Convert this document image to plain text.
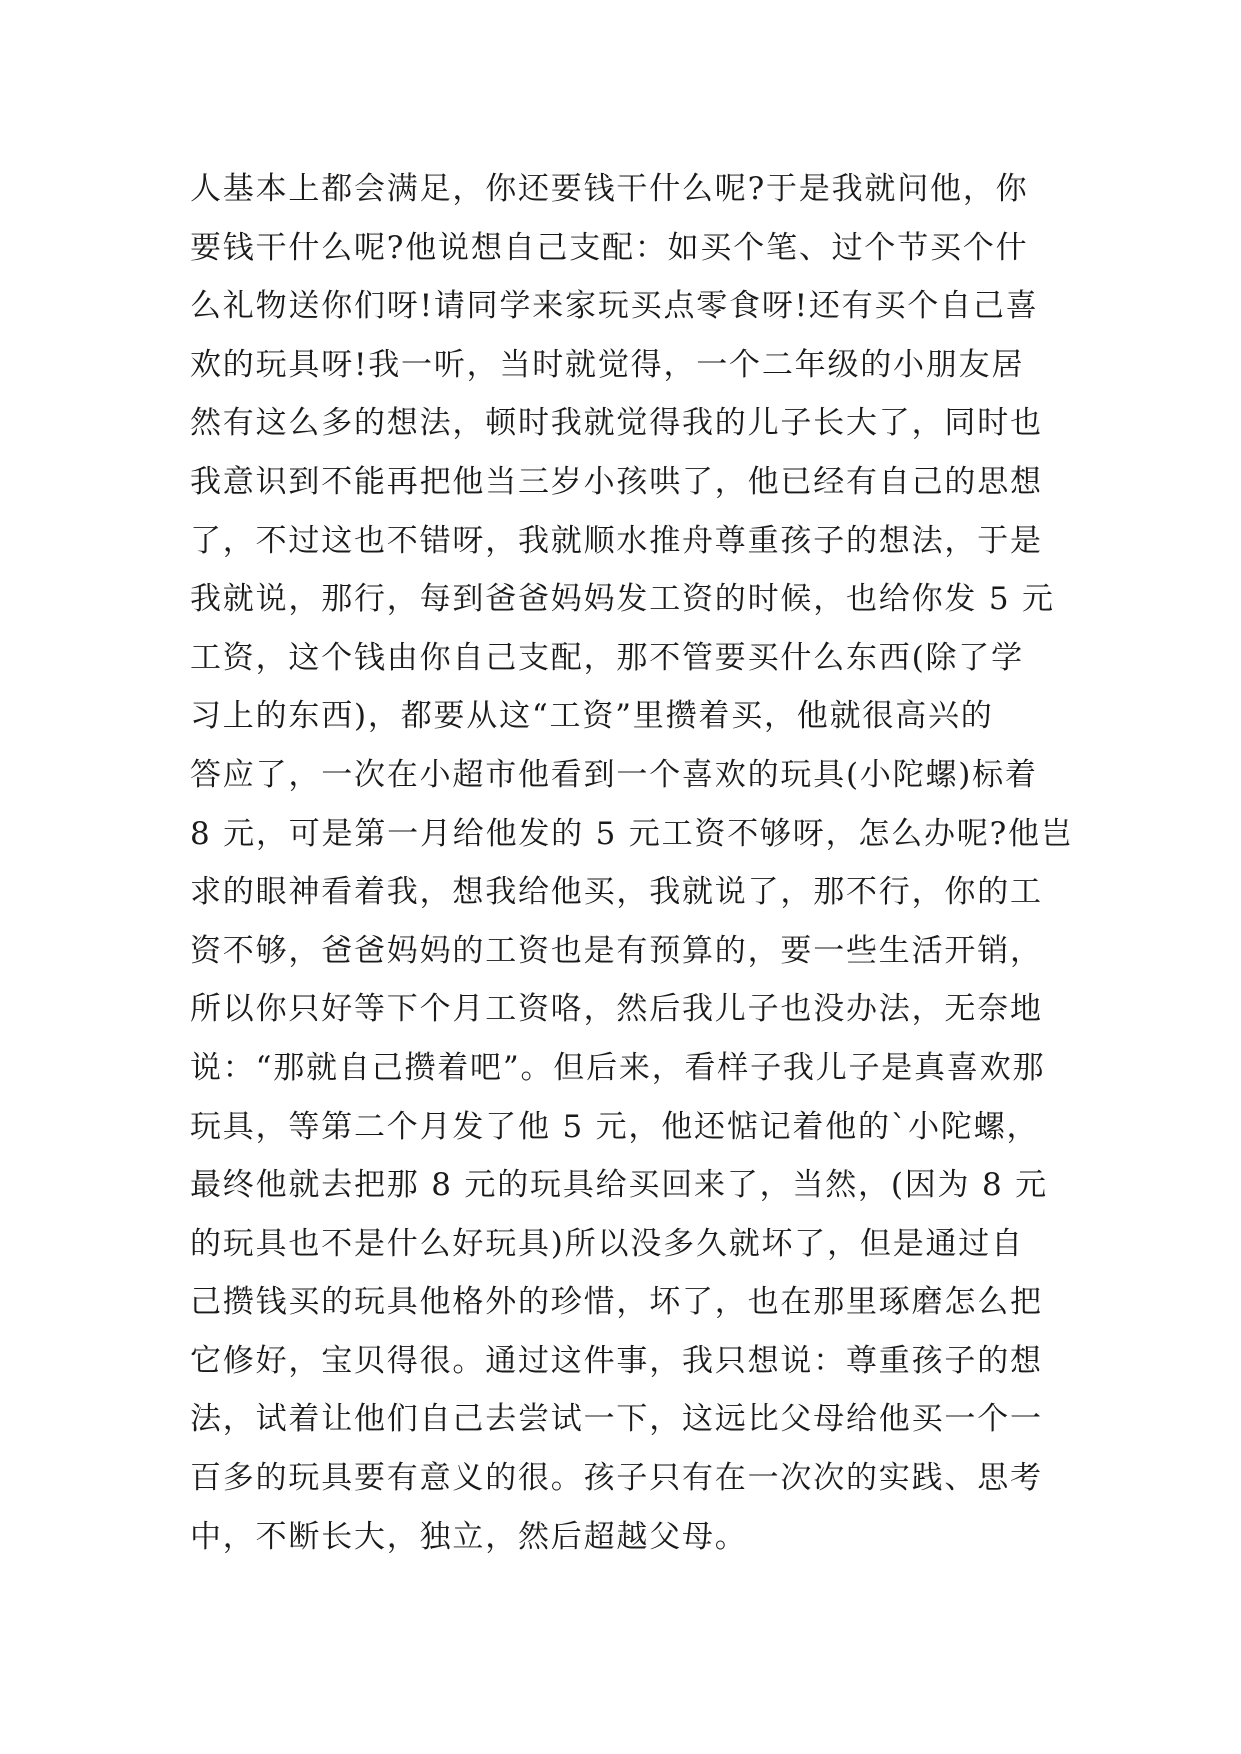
人基本上都会满足，你还要钱干什么呢?于是我就问他，你
要钱干什么呢?他说想自己支配：如买个笔、过个节买个什
么礼物送你们呀!请同学来家玩买点零食呀!还有买个自己喜
欢的玩具呀!我一听，当时就觉得，一个二年级的小朋友居
然有这么多的想法，顿时我就觉得我的儿子长大了，同时也
我意识到不能再把他当三岁小孩哄了，他已经有自己的思想
了，不过这也不错呀，我就顺水推舟尊重孩子的想法，于是
我就说，那行，每到爸爸妈妈发工资的时候，也给你发 5 元
工资，这个钱由你自己支配，那不管要买什么东西(除了学
习上的东西)，都要从这“工资”里攒着买，他就很高兴的
答应了，一次在小超市他看到一个喜欢的玩具(小陀螺)标着
8 元，可是第一月给他发的 5 元工资不够呀，怎么办呢?他岂
求的眼神看着我，想我给他买，我就说了，那不行，你的工
资不够，爸爸妈妈的工资也是有预算的，要一些生活开销，
所以你只好等下个月工资咯，然后我儿子也没办法，无奈地
说：“那就自己攒着吧”。但后来，看样子我儿子是真喜欢那
玩具，等第二个月发了他 5 元，他还惦记着他的`小陀螺，
最终他就去把那 8 元的玩具给买回来了，当然，(因为 8 元
的玩具也不是什么好玩具)所以没多久就坏了，但是通过自
己攒钱买的玩具他格外的珍惜，坏了，也在那里琢磨怎么把
它修好，宝贝得很。通过这件事，我只想说：尊重孩子的想
法，试着让他们自己去尝试一下，这远比父母给他买一个一
百多的玩具要有意义的很。孩子只有在一次次的实践、思考
中，不断长大，独立，然后超越父母。
